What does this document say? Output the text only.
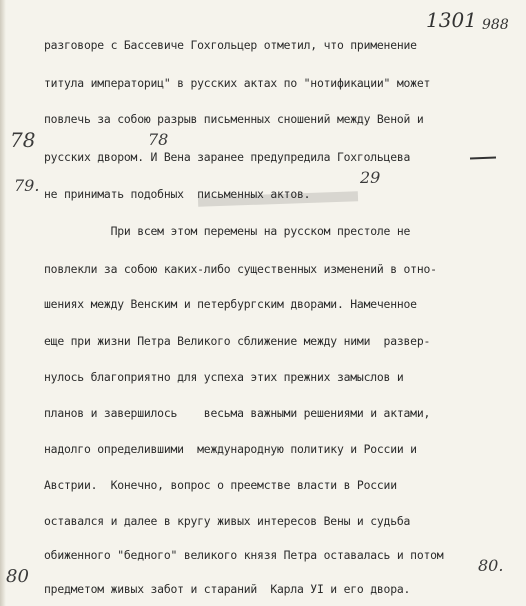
1301 988
разговоре с Бассевиче Гохгольцер отметил, что применение
титула императориц" в русских актах по "нотификации" может
повлечь за собою разрыв письменных сношений между Веной и
русских двором. И Вена заранее предупредила Гохгольцева
не принимать подобных  письменных актов.
При всем этом перемены на русском престоле не
повлекли за собою каких-либо существенных изменений в отно-
шениях между Венским и петербургским дворами. Намеченное
еще при жизни Петра Великого сближение между ними  развер-
нулось благоприятно для успеха этих прежних замыслов и
планов и завершилось    весьма важными решениями и актами,
надолго определившими  международную политику и России и
Австрии.  Конечно, вопрос о преемстве власти в России
оставался и далее в кругу живых интересов Вены и судьба
обиженного "бедного" великого князя Петра оставалась и потом
предметом живых забот и стараний  Карла УI и его двора.
78	78
79.	29
80
80.
